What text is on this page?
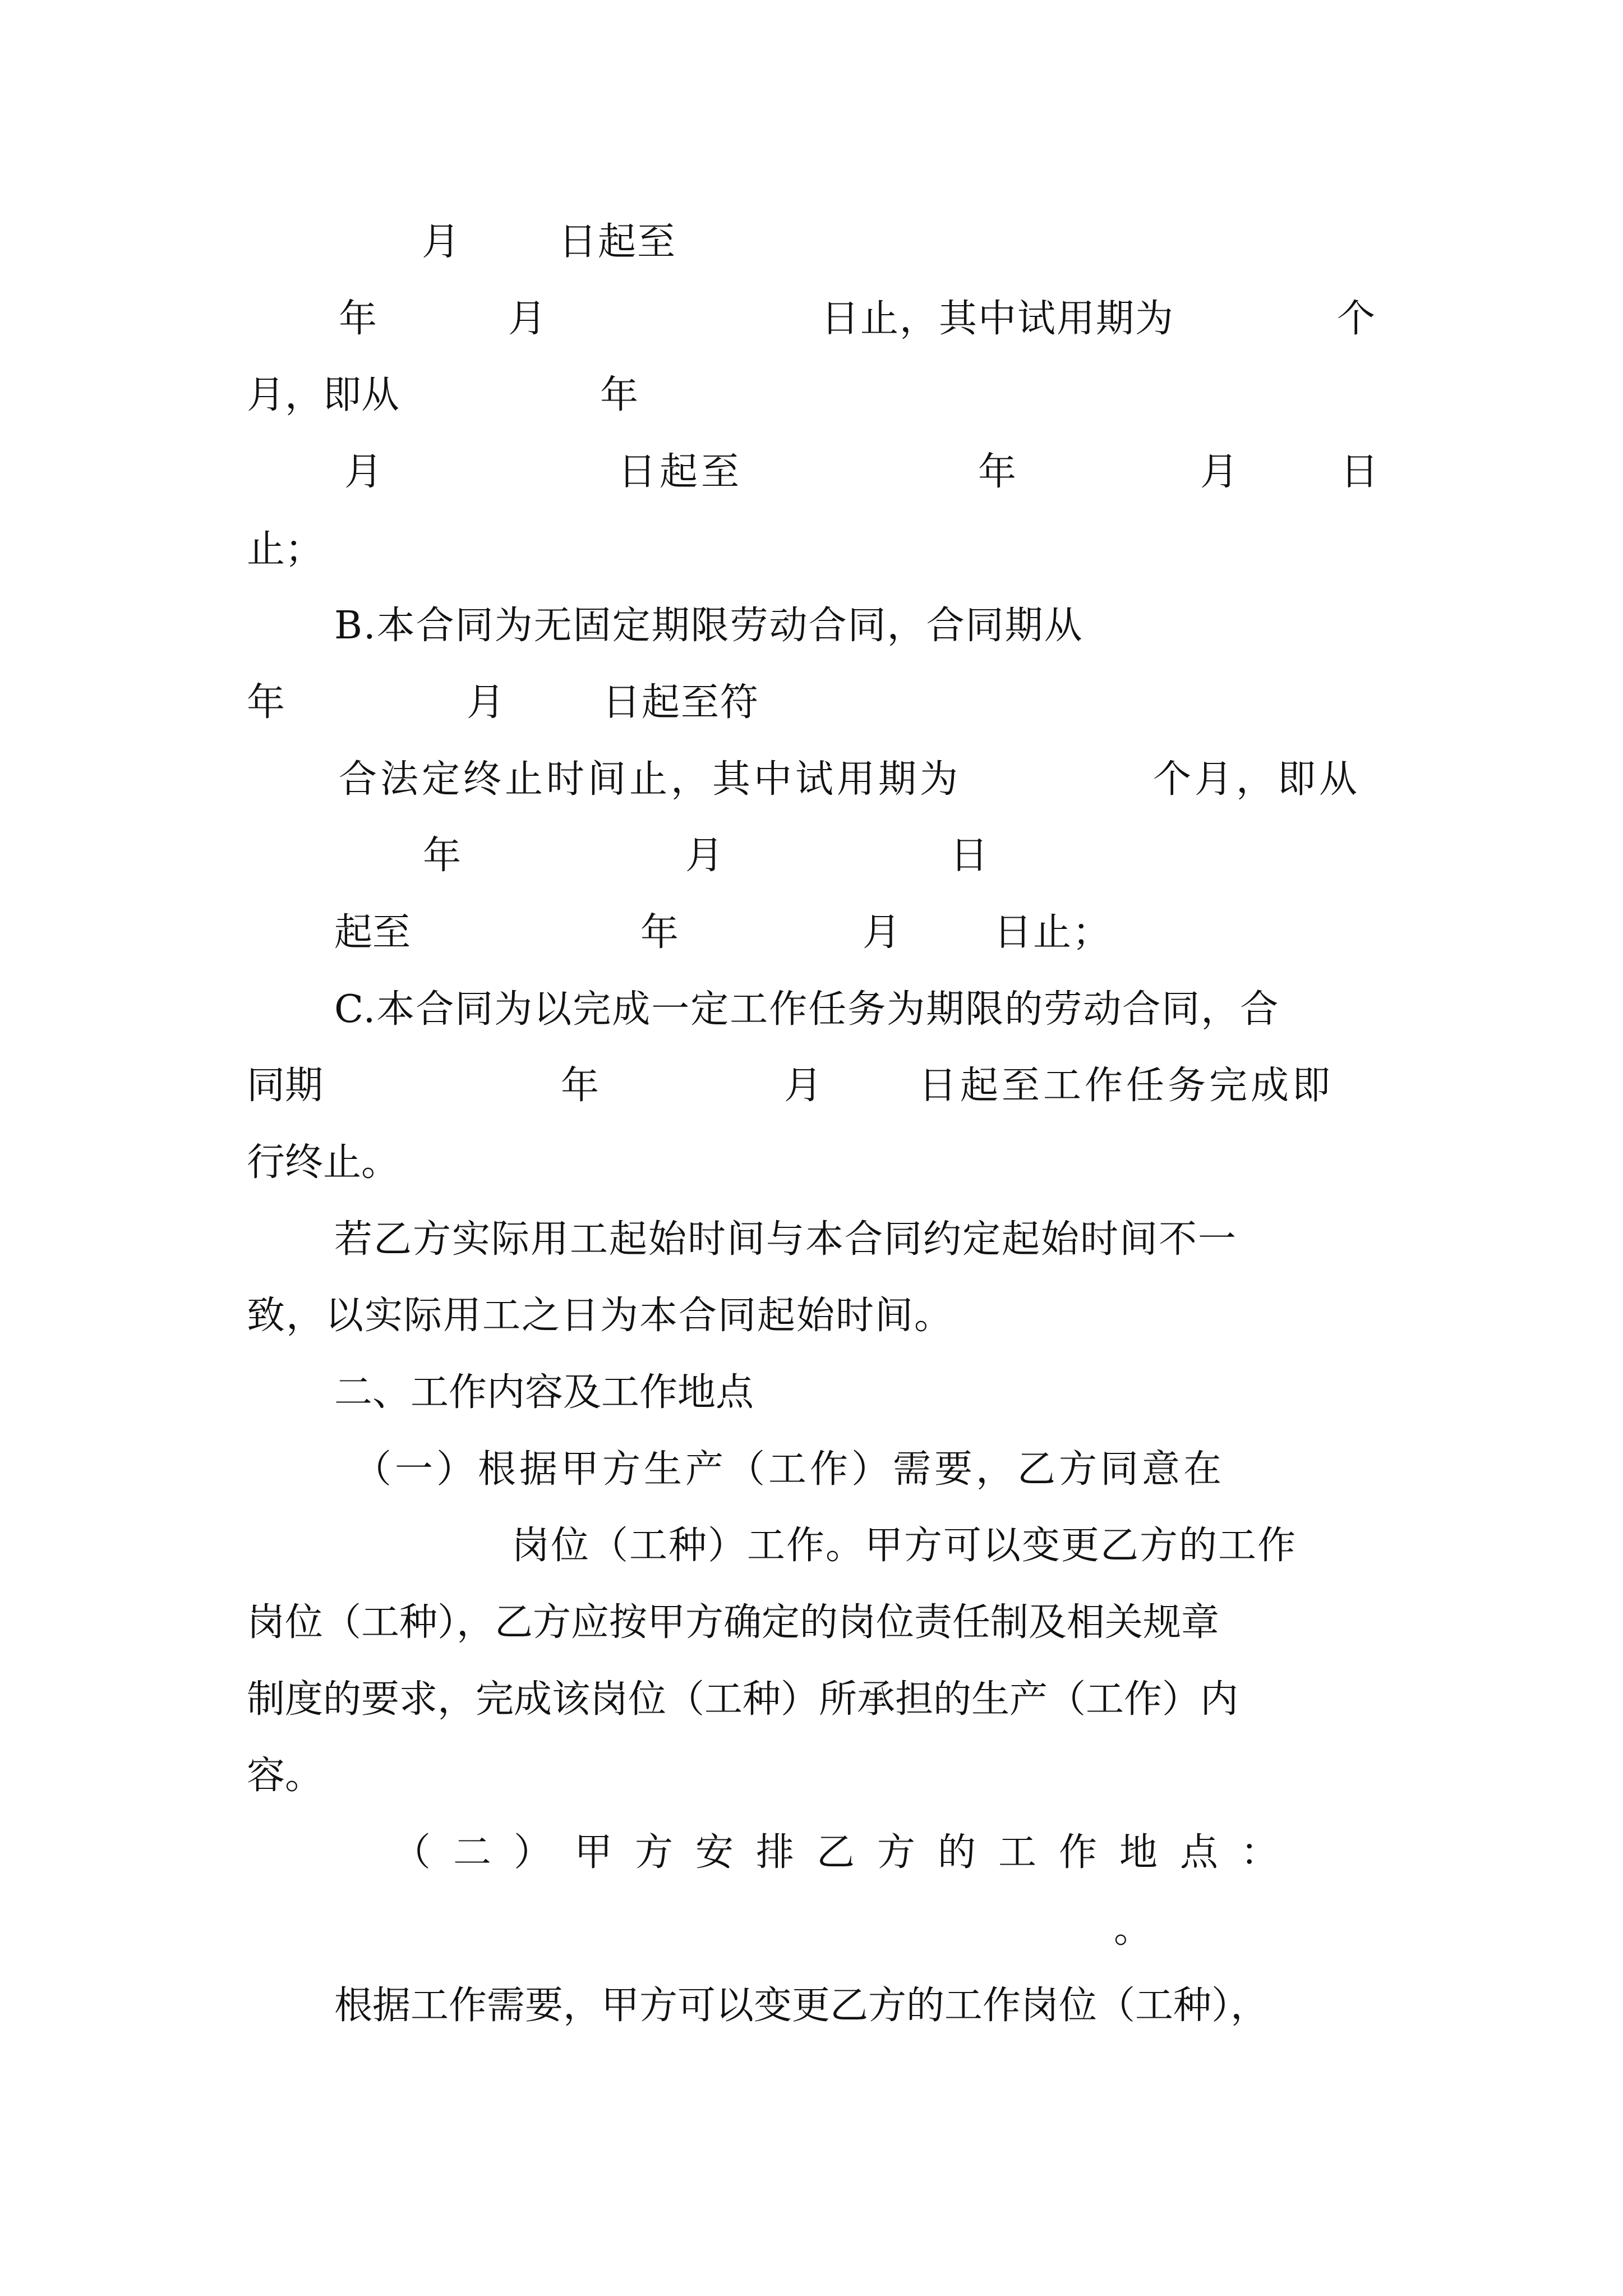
月	日起至
年	月	日止，其中试用期为	个
月，即从	年
月	日起至	年	月	日
止；
B.本合同为无固定期限劳动合同，合同期从
年	月	日起至符
合法定终止时间止，其中试用期为	个月，即从
年	月	日
起至	年	月 日止；
C.本合同为以完成一定工作任务为期限的劳动合同，合
同期	年	月	日起至工作任务完成即
行终止。
若乙方实际用工起始时间与本合同约定起始时间不一
致，以实际用工之日为本合同起始时间。
二、工作内容及工作地点
（一）根据甲方生产（工作）需要，乙方同意在
岗位（工种）工作。甲方可以变更乙方的工作
岗位（工种），乙方应按甲方确定的岗位责任制及相关规章
制度的要求，完成该岗位（工种）所承担的生产（工作）内
容。
（二）甲方安排乙方的工作地点：
。
根据工作需要，甲方可以变更乙方的工作岗位（工种），
